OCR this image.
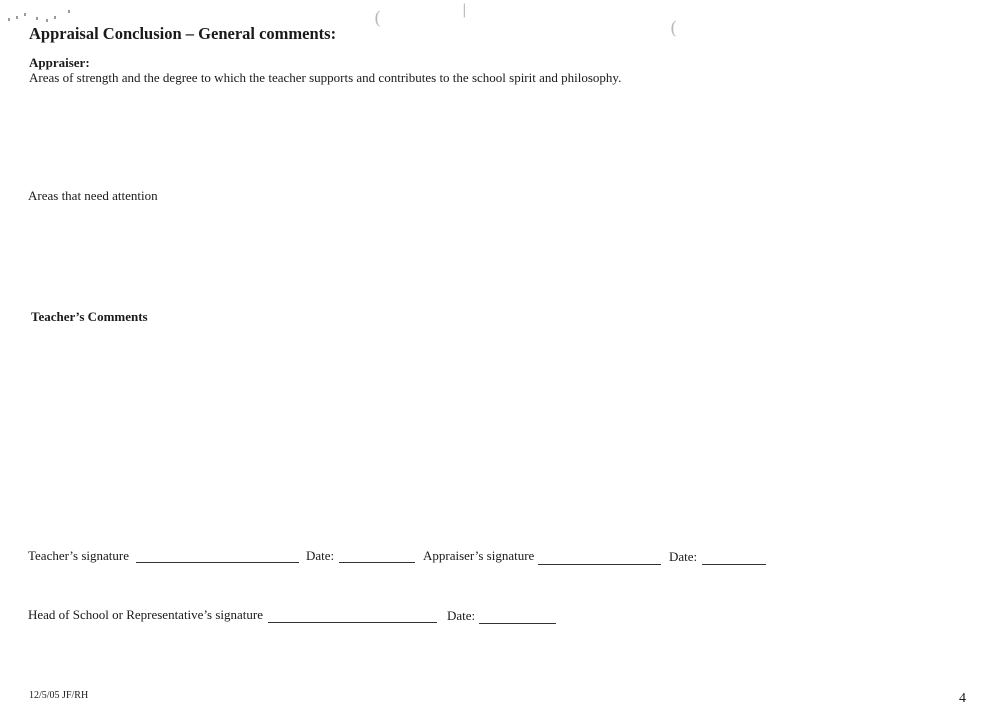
(	|
(
Appraisal Conclusion – General comments:
Appraiser:
Areas of strength and the degree to which the teacher supports and contributes to the school spirit and philosophy.
Areas that need attention
Teacher’s Comments
Teacher’s signature	Date:	Appraiser’s signature	Date:
Head of School or Representative’s signature	Date:
12/5/05 JF/RH	4
